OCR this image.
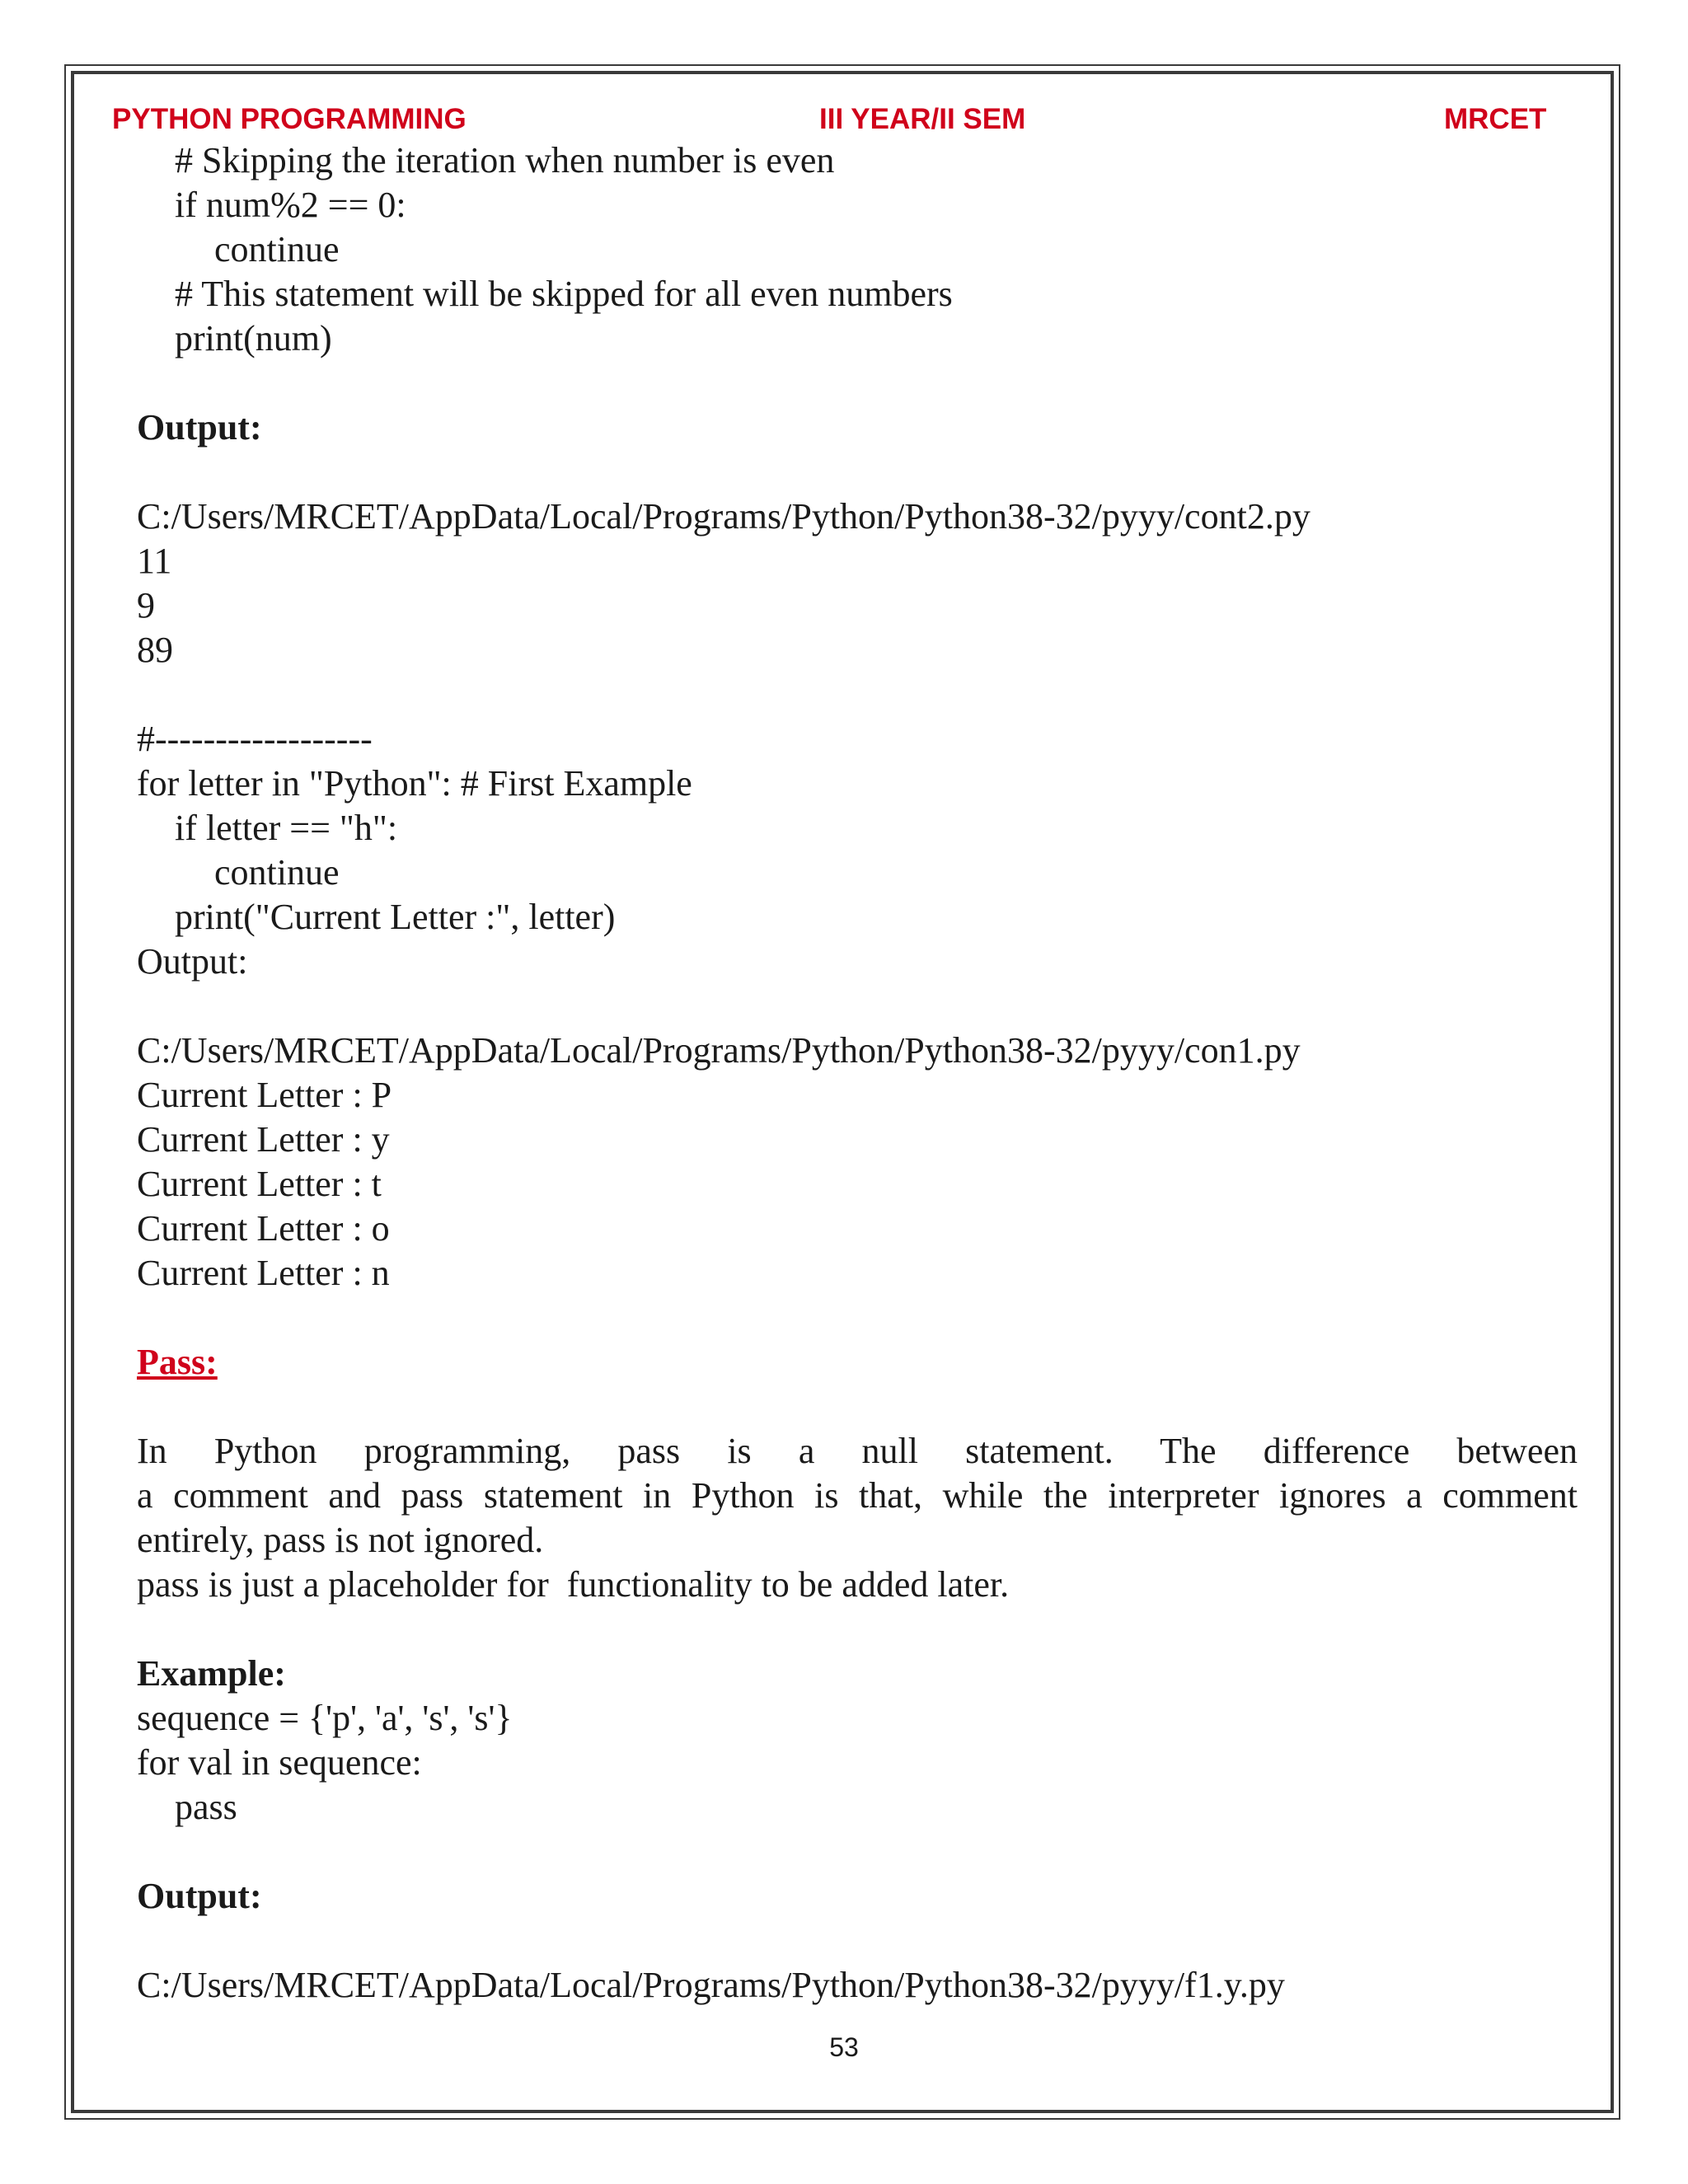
PYTHON PROGRAMMING	III YEAR/II SEM	MRCET
# Skipping the iteration when number is even
if num%2 == 0:
continue
# This statement will be skipped for all even numbers
print(num)
Output:
C:/Users/MRCET/AppData/Local/Programs/Python/Python38-32/pyyy/cont2.py
11
9
89
#------------------
for letter in "Python": # First Example
if letter == "h":
continue
print("Current Letter :", letter)
Output:
C:/Users/MRCET/AppData/Local/Programs/Python/Python38-32/pyyy/con1.py
Current Letter : P
Current Letter : y
Current Letter : t
Current Letter : o
Current Letter : n
Pass:
In Python programming, pass is a null statement. The difference between
a comment and pass statement in Python is that, while the interpreter ignores a comment
entirely, pass is not ignored.
pass is just a placeholder for  functionality to be added later.
Example:
sequence = {'p', 'a', 's', 's'}
for val in sequence:
pass
Output:
C:/Users/MRCET/AppData/Local/Programs/Python/Python38-32/pyyy/f1.y.py
53
